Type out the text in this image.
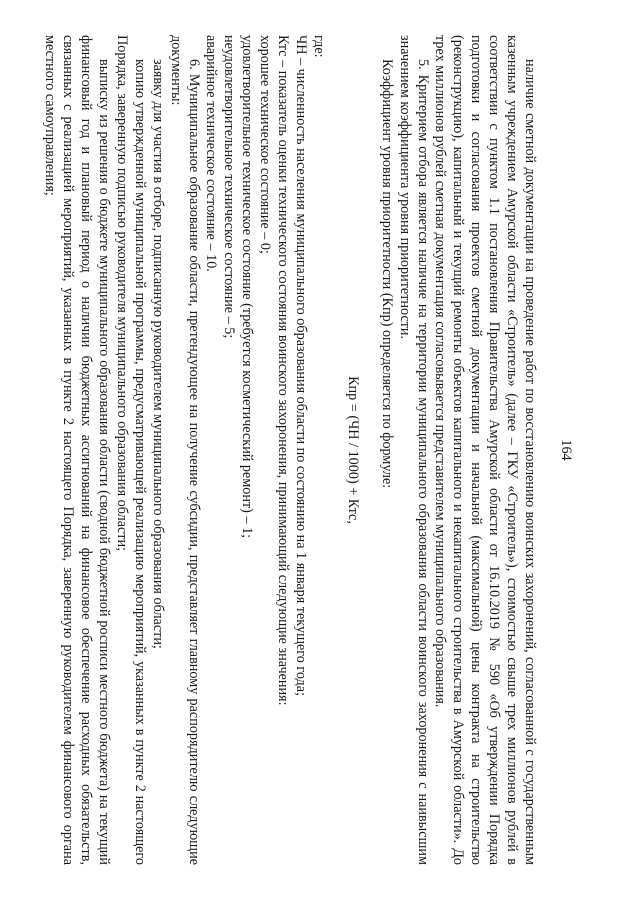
164

наличие сметной документации на проведение работ по восстановлению воинских захоронений, согласованной с государственным казенным учреждением Амурской области «Строитель» (далее – ГКУ «Строитель»), стоимостью свыше трех миллионов рублей в соответствии с пунктом 1.1 постановления Правительства Амурской области от 16.10.2019 № 590 «Об утверждении Порядка подготовки и согласования проектов сметной документации и начальной (максимальной) цены контракта на строительство (реконструкцию), капитальный и текущий ремонты объектов капитального и некапитального строительства в Амурской области». До трех миллионов рублей сметная документация согласовывается представителем муниципального образования.

5. Критерием отбора является наличие на территории муниципального образования области воинского захоронения с наивысшим значением коэффициента уровня приоритетности.

Коэффициент уровня приоритетности (Кпр) определяется по формуле:

Кпр = (ЧН / 1000) + Ктс,

где:

ЧН – численность населения муниципального образования области по состоянию на 1 января текущего года;

Ктс – показатель оценки технического состояния воинского захоронения, принимающий следующие значения:

хорошее техническое состояние – 0;

удовлетворительное техническое состояние (требуется косметический ремонт) – 1;

неудовлетворительное техническое состояние – 5;

аварийное техническое состояние – 10.

6. Муниципальное образование области, претендующее на получение субсидии, представляет главному распорядителю следующие документы:

заявку для участия в отборе, подписанную руководителем муниципального образования области;

копию утвержденной муниципальной программы, предусматривающей реализацию мероприятий, указанных в пункте 2 настоящего Порядка, заверенную подписью руководителя муниципального образования области;

выписку из решения о бюджете муниципального образования области (сводной бюджетной росписи местного бюджета) на текущий финансовый год и плановый период о наличии бюджетных ассигнований на финансовое обеспечение расходных обязательств, связанных с реализацией мероприятий, указанных в пункте 2 настоящего Порядка, заверенную руководителем финансового органа местного самоуправления;
